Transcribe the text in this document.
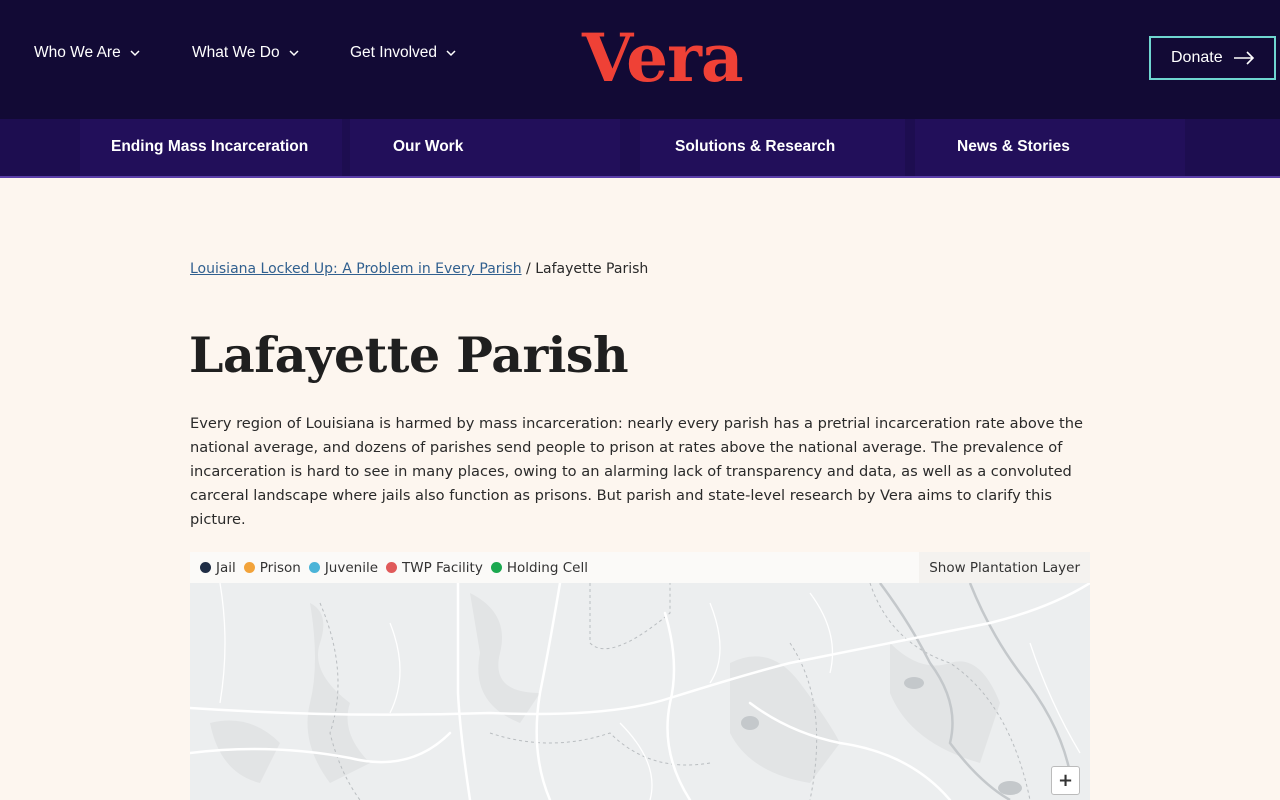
Who We Are	What We Do	Get Involved Vera	Donate
Ending Mass Incarceration	Our Work	Solutions & Research	News & Stories
Louisiana Locked Up: A Problem in Every Parish / Lafayette Parish
Lafayette Parish

Every region of Louisiana is harmed by mass incarceration: nearly every parish has a pretrial incarceration rate above the national average, and dozens of parishes send people to prison at rates above the national average. The prevalence of incarceration is hard to see in many places, owing to an alarming lack of transparency and data, as well as a convoluted carceral landscape where jails also function as prisons. But parish and state-level research by Vera aims to clarify this picture.

Jail Prison Juvenile TWP Facility Holding Cell	Show Plantation Layer
+
